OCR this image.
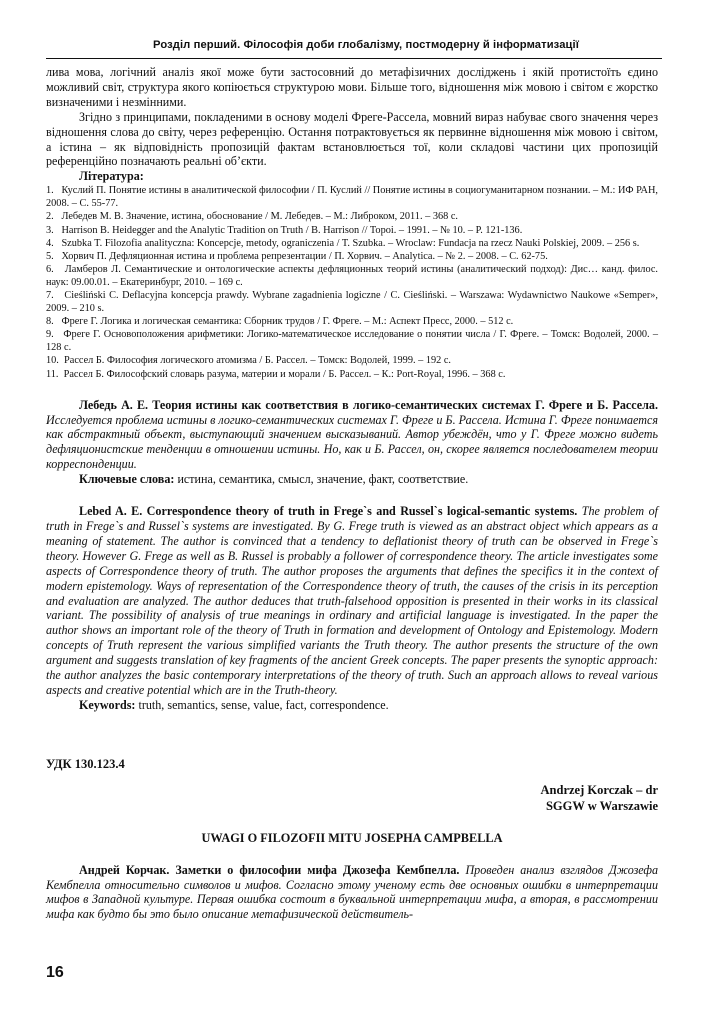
Розділ перший. Філософія доби глобалізму, постмодерну й інформатизації

лива мова, логічний аналіз якої може бути застосовний до метафізичних досліджень і якій протистоїть єдино можливий світ, структура якого копіюється структурою мови. Більше того, відношення між мовою і світом є жорстко визначеними і незмінними.

Згідно з принципами, покладеними в основу моделі Фреге-Рассела, мовний вираз набуває свого значення через відношення слова до світу, через референцію. Остання потрактовується як первинне відношення між мовою і світом, а істина – як відповідність пропозицій фактам встановлюється тої, коли складові частини цих пропозицій референційно позначають реальні об’єкти.

Література:
1.   Куслий П. Понятие истины в аналитической философии / П. Куслий // Понятие истины в социогуманитарном познании. – М.: ИФ РАН, 2008. – С. 55-77.
2.   Лебедев М. В. Значение, истина, обоснование / М. Лебедев. – М.: Либроком, 2011. – 368 с.
3.   Harrison B. Heidegger and the Analytic Tradition on Truth / B. Harrison // Topoi. – 1991. – № 10. – P. 121-136.
4.   Szubka T. Filozofia analityczna: Koncepcje, metody, ograniczenia / T. Szubka. – Wroclaw: Fundacja na rzecz Nauki Polskiej, 2009. – 256 s.
5.   Хорвич П. Дефляционная истина и проблема репрезентации / П. Хорвич. – Analytica. – № 2. – 2008. – С. 62-75.
6.   Ламберов Л. Семантические и онтологические аспекты дефляционных теорий истины (аналитический подход): Дис… канд. филос. наук: 09.00.01. – Екатеринбург, 2010. – 169 с.
7.   Cieśliński C. Deflacyjna koncepcja prawdy. Wybrane zagadnienia logiczne / C. Cieśliński. – Warszawa: Wydawnictwo Naukowe «Semper», 2009. – 210 s.
8.   Фреге Г. Логика и логическая семантика: Сборник трудов / Г. Фреге. – М.: Аспект Пресс, 2000. – 512 с.
9.   Фреге Г. Основоположения арифметики: Логико-математическое исследование о понятии числа / Г. Фреге. – Томск: Водолей, 2000. – 128 с.
10.  Рассел Б. Философия логического атомизма / Б. Рассел. – Томск: Водолей, 1999. – 192 с.
11.  Рассел Б. Философский словарь разума, материи и морали / Б. Рассел. – К.: Port-Royal, 1996. – 368 с.

Лебедь А. Е. Теория истины как соответствия в логико-семантических системах Г. Фреге и Б. Рассела. Исследуется проблема истины в логико-семантических системах Г. Фреге и Б. Рассела. Истина Г. Фреге понимается как абстрактный объект, выступающий значением высказываний. Автор убеждён, что у Г. Фреге можно видеть дефляционистские тенденции в отношении истины. Но, как и Б. Рассел, он, скорее является последователем теории корреспонденции.

Ключевые слова: истина, семантика, смысл, значение, факт, соответствие.

Lebed A. E. Correspondence theory of truth in Frege`s and Russel`s logical-semantic systems. The problem of truth in Frege`s and Russel`s systems are investigated. By G. Frege truth is viewed as an abstract object which appears as a meaning of statement. The author is convinced that a tendency to deflationist theory of truth can be observed in Frege`s theory. However G. Frege as well as B. Russel is probably a follower of correspondence theory. The article investigates some aspects of Correspondence theory of truth. The author proposes the arguments that defines the specifics it in the context of modern epistemology. Ways of representation of the Correspondence theory of truth, the causes of the crisis in its perception and evaluation are analyzed. The author deduces that truth-falsehood opposition is presented in their works in its classical variant. The possibility of analysis of true meanings in ordinary and artificial language is investigated. In the paper the author shows an important role of the theory of Truth in formation and development of Ontology and Epistemology. Modern concepts of Truth represent the various simplified variants the Truth theory. The author presents the structure of the own argument and suggests translation of key fragments of the ancient Greek concepts. The paper presents the synoptic approach: the author analyzes the basic contemporary interpretations of the theory of truth. Such an approach allows to reveal various aspects and creative potential which are in the Truth-theory.

Keywords: truth, semantics, sense, value, fact, correspondence.

УДК 130.123.4
Andrzej Korczak – dr
SGGW w Warszawie
UWAGI O FILOZOFII MITU JOSEPHA CAMPBELLA

Андрей Корчак. Заметки о философии мифа Джозефа Кембпелла. Проведен анализ взглядов Джозефа Кембпелла относительно символов и мифов. Согласно этому ученому есть две основных ошибки в интерпретации мифов в Западной культуре. Первая ошибка состоит в буквальной интерпретации мифа, а вторая, в рассмотрении мифа как будто бы это было описание метафизической действитель-

16
